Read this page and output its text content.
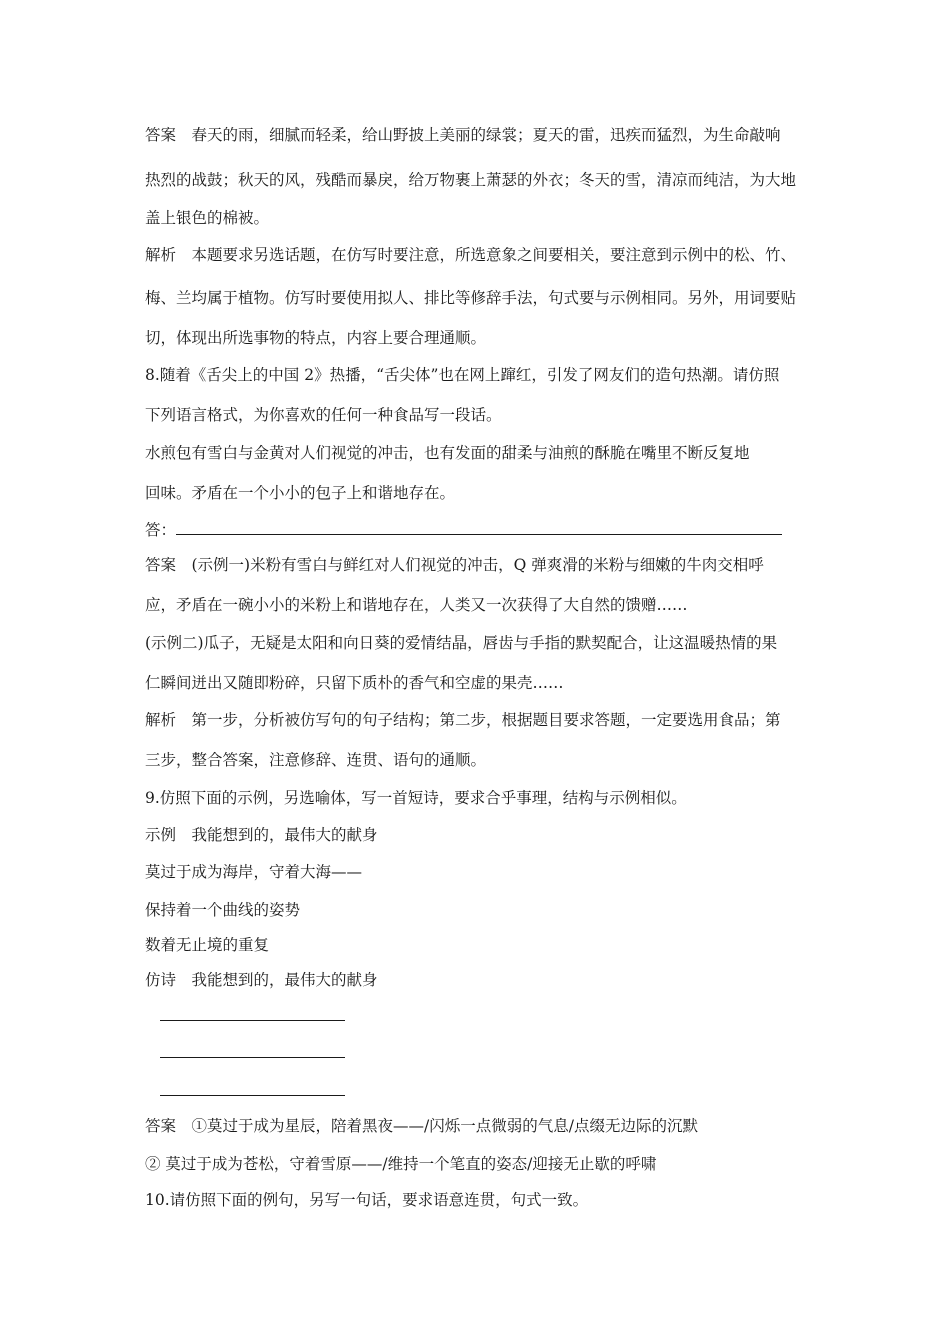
答案　春天的雨，细腻而轻柔，给山野披上美丽的绿裳；夏天的雷，迅疾而猛烈，为生命敲响
热烈的战鼓；秋天的风，残酷而暴戾，给万物裹上萧瑟的外衣；冬天的雪，清凉而纯洁，为大地
盖上银色的棉被。
解析　本题要求另选话题，在仿写时要注意，所选意象之间要相关，要注意到示例中的松、竹、
梅、兰均属于植物。仿写时要使用拟人、排比等修辞手法，句式要与示例相同。另外，用词要贴
切，体现出所选事物的特点，内容上要合理通顺。
8.随着《舌尖上的中国 2》热播，“舌尖体”也在网上蹿红，引发了网友们的造句热潮。请仿照
下列语言格式，为你喜欢的任何一种食品写一段话。
水煎包有雪白与金黄对人们视觉的冲击，也有发面的甜柔与油煎的酥脆在嘴里不断反复地
回味。矛盾在一个小小的包子上和谐地存在。
答：
答案　(示例一)米粉有雪白与鲜红对人们视觉的冲击，Q 弹爽滑的米粉与细嫩的牛肉交相呼
应，矛盾在一碗小小的米粉上和谐地存在，人类又一次获得了大自然的馈赠……
(示例二)瓜子，无疑是太阳和向日葵的爱情结晶，唇齿与手指的默契配合，让这温暖热情的果
仁瞬间迸出又随即粉碎，只留下质朴的香气和空虚的果壳……
解析　第一步，分析被仿写句的句子结构；第二步，根据题目要求答题，一定要选用食品；第
三步，整合答案，注意修辞、连贯、语句的通顺。
9.仿照下面的示例，另选喻体，写一首短诗，要求合乎事理，结构与示例相似。
示例　我能想到的，最伟大的献身
莫过于成为海岸，守着大海——
保持着一个曲线的姿势
数着无止境的重复
仿诗　我能想到的，最伟大的献身
答案　①莫过于成为星辰，陪着黑夜——/闪烁一点微弱的气息/点缀无边际的沉默
② 莫过于成为苍松，守着雪原——/维持一个笔直的姿态/迎接无止歇的呼啸
10.请仿照下面的例句，另写一句话，要求语意连贯，句式一致。
